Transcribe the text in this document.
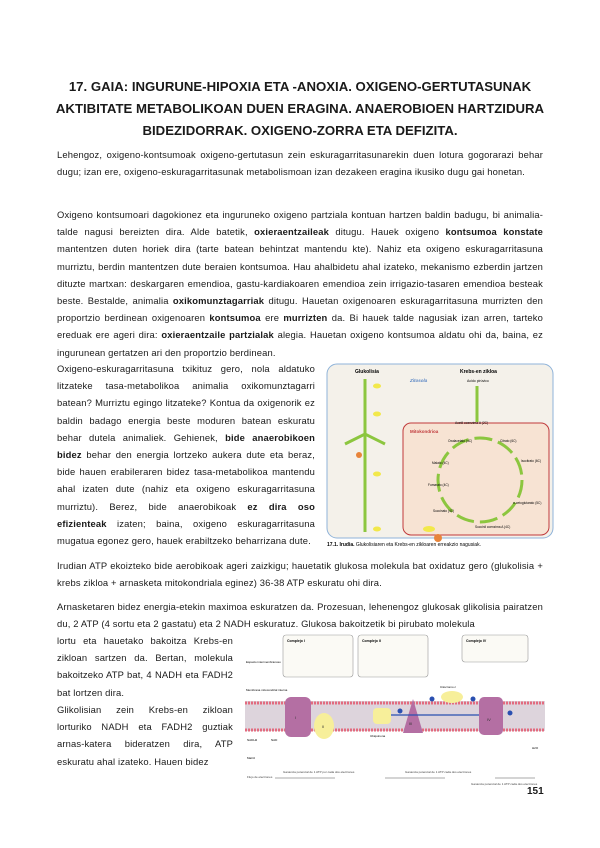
17. GAIA: INGURUNE-HIPOXIA ETA -ANOXIA. OXIGENO-GERTUTASUNAK AKTIBITATE METABOLIKOAN DUEN ERAGINA. ANAEROBIOEN HARTZIDURA BIDEZIDORRAK. OXIGENO-ZORRA ETA DEFIZITA.
Lehengoz, oxigeno-kontsumoak oxigeno-gertutasun zein eskuragarritasunarekin duen lotura gogorarazi behar dugu; izan ere, oxigeno-eskuragarritasunak metabolismoan izan dezakeen eragina ikusiko dugu gai honetan.
Oxigeno kontsumoari dagokionez eta inguruneko oxigeno partziala kontuan hartzen baldin badugu, bi animalia-talde nagusi bereizten dira. Alde batetik, oxieraentzaileak ditugu. Hauek oxigeno kontsumoa konstate mantentzen duten horiek dira (tarte batean behintzat mantendu kte). Nahiz eta oxigeno eskuragarritasuna murriztu, berdin mantentzen dute beraien kontsumoa. Hau ahalbidetu ahal izateko, mekanismo ezberdin jartzen dituzte martxan: deskargaren emendioa, gastu-kardiakoaren emendioa zein irrigazio-tasaren emendioa besteak beste. Bestalde, animalia oxikomunztagarriak ditugu. Hauetan oxigenoaren eskuragarritasuna murrizten den proportzio berdinean oxigenoaren kontsumoa ere murrizten da. Bi hauek talde nagusiak izan arren, tarteko ereduak ere ageri dira: oxieraentzaile partzialak alegia. Hauetan oxigeno kontsumoa aldatu ohi da, baina, ez ingurunean gertatzen ari den proportzio berdinean.
Oxigeno-eskuragarritasuna txikituz gero, nola aldatuko litzateke tasa-metabolikoa animalia oxikomunztagarri batean? Murriztu egingo litzateke? Kontua da oxigenorik ez baldin badago energia beste moduren batean eskuratu behar dutela animaliek. Gehienek, bide anaerobikoen bidez behar den energia lortzeko aukera dute eta beraz, bide hauen erabileraren bidez tasa-metabolikoa mantendu ahal izaten dute (nahiz eta oxigeno eskuragarritasuna murriztu). Berez, bide anaerobikoak ez dira oso efizienteak izaten; baina, oxigeno eskuragarritasuna mugatua egonez gero, hauek erabiltzeko beharrizana dute.
Glukolisia
Zitosola
Krebs-en zikloa
Acido pirúvico
Mitokondrioa
Acetil coenzima A (2C)
Citrato (6C)
Isocitrato (6C)
α-cetoglutarato (5C)
Succinil coenzima A (4C)
Succinato (4C)
Fumarato (4C)
Malato (4C)
Oxalacetato (4C)
17.1. Irudia. Glukolisiaren eta Krebs-en zikloaren erreakzio nagusiak.
Irudian ATP ekoizteko bide aerobikoak ageri zaizkigu; hauetatik glukosa molekula bat oxidatuz gero (glukolisia + krebs zikloa + arnasketa mitokondriala eginez) 36-38 ATP eskuratu ohi dira.
Arnasketaren bidez energia-etekin maximoa eskuratzen da. Prozesuan, lehenengoz glukosak glikolisia pairatzen du, 2 ATP (4 sortu eta 2 gastatu) eta 2 NADH eskuratuz. Glukosa bakoitzetik bi pirubato molekula
lortu eta hauetako bakoitza Krebs-en zikloan sartzen da. Bertan, molekula bakoitzeko ATP bat, 4 NADH eta FADH2 bat lortzen dira.
Glikolisian zein Krebs-en zikloan lorturiko NADH eta FADH2 guztiak arnas-katera bideratzen dira, ATP eskuratu ahal izateko. Hauen bidez
Complejo I	Complejo II	Complejo IV
Espacio intermembranoso
Membrana mitocondrial interna
I
II
III
IV
Citocromo c
Ubiquinona
NADH2	NAD
H2O
Matriz
Flujo de electrones
Ganancia potencial de 1 ATP por cada dos electrones	Ganancia potencial de 1 ATP cada dos electrones
Ganancia potencial de 1 ATP cada dos electrones
151
